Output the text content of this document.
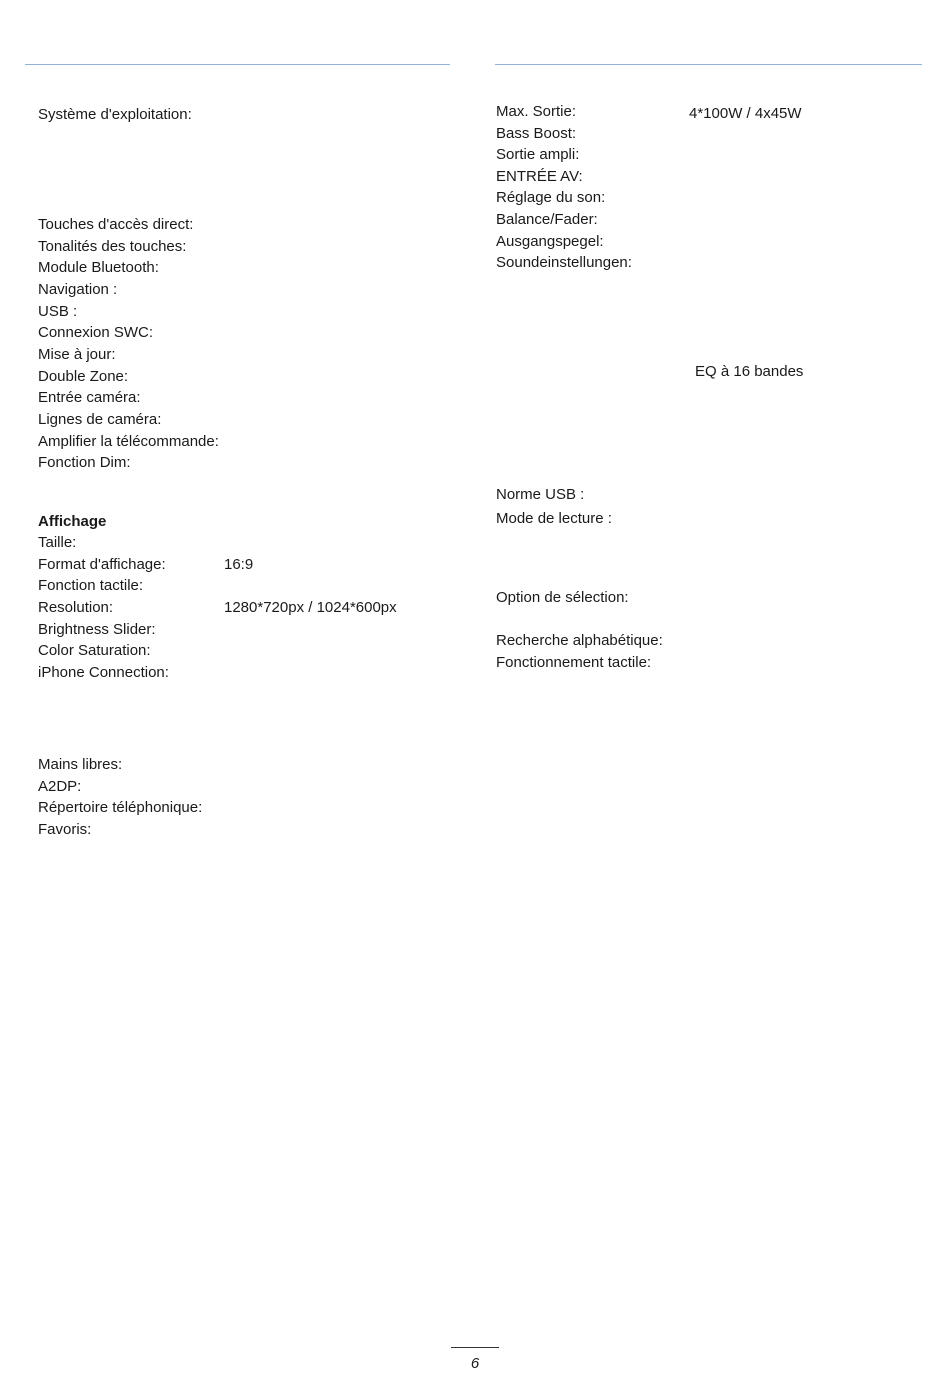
Système d'exploitation:
Touches d'accès direct:
Tonalités des touches:
Module Bluetooth:
Navigation :
USB :
Connexion SWC:
Mise à jour:
Double Zone:
Entrée caméra:
Lignes de caméra:
Amplifier la télécommande:
Fonction Dim:
Affichage
Taille:
Format d'affichage:	16:9
Fonction tactile:
Resolution:	1280*720px / 1024*600px
Brightness Slider:
Color Saturation:
iPhone Connection:
Mains libres:
A2DP:
Répertoire téléphonique:
Favoris:
Max. Sortie:	4*100W / 4x45W
Bass Boost:
Sortie ampli:
ENTRÉE AV:
Réglage du son:
Balance/Fader:
Ausgangspegel:
Soundeinstellungen:
EQ à 16 bandes
Norme USB :
Mode de lecture :
Option de sélection:
Recherche alphabétique:
Fonctionnement tactile:
6
